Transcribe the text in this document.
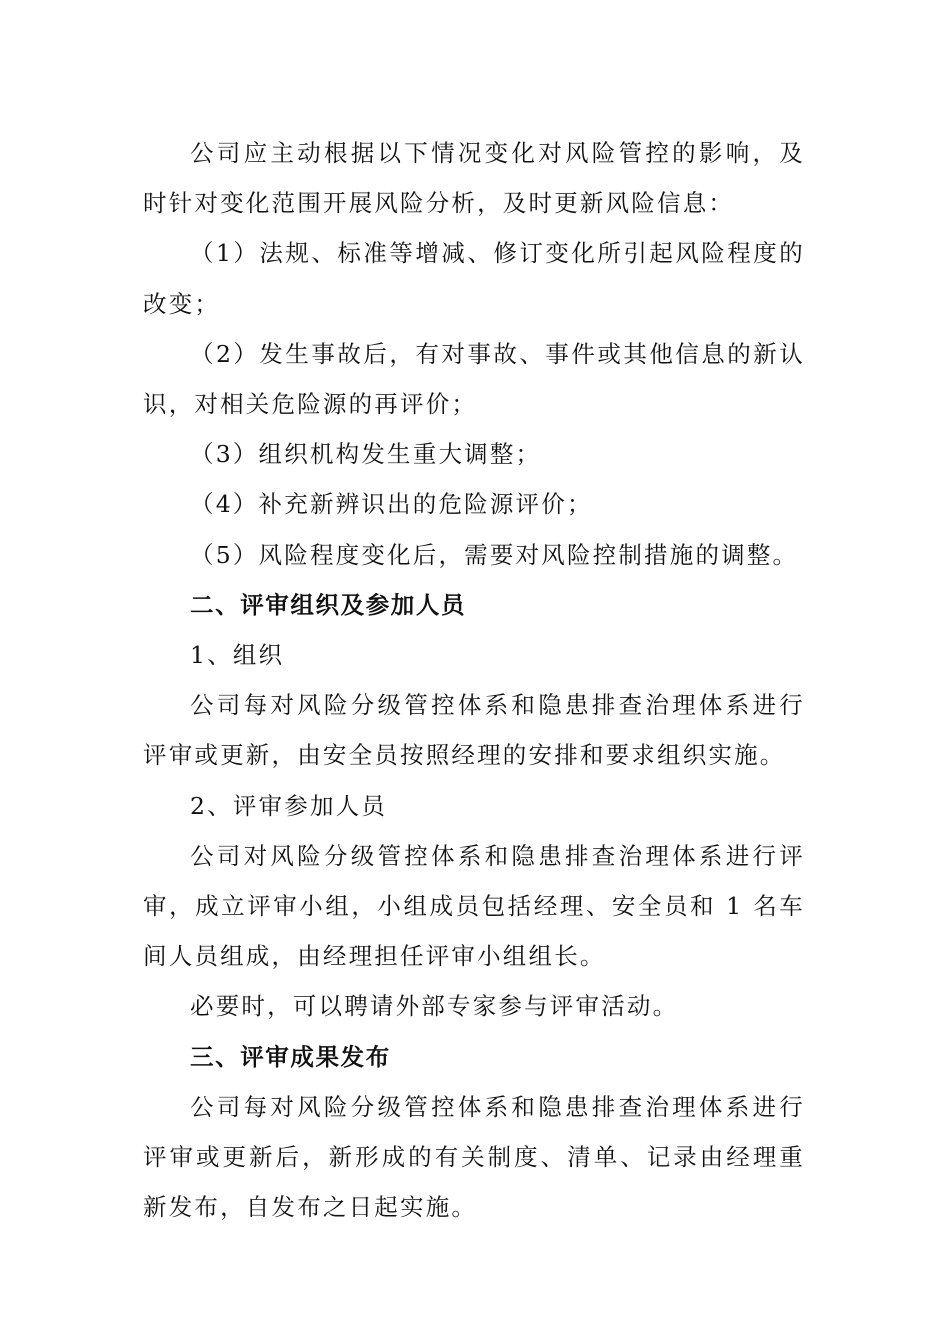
公司应主动根据以下情况变化对风险管控的影响，及时针对变化范围开展风险分析，及时更新风险信息：

（1）法规、标准等增减、修订变化所引起风险程度的改变；

（2）发生事故后，有对事故、事件或其他信息的新认识，对相关危险源的再评价；

（3）组织机构发生重大调整；

（4）补充新辨识出的危险源评价；

（5）风险程度变化后，需要对风险控制措施的调整。

二、评审组织及参加人员

1、组织

公司每对风险分级管控体系和隐患排查治理体系进行评审或更新，由安全员按照经理的安排和要求组织实施。

2、评审参加人员

公司对风险分级管控体系和隐患排查治理体系进行评审，成立评审小组，小组成员包括经理、安全员和 1 名车间人员组成，由经理担任评审小组组长。

必要时，可以聘请外部专家参与评审活动。

三、评审成果发布

公司每对风险分级管控体系和隐患排查治理体系进行评审或更新后，新形成的有关制度、清单、记录由经理重新发布，自发布之日起实施。
